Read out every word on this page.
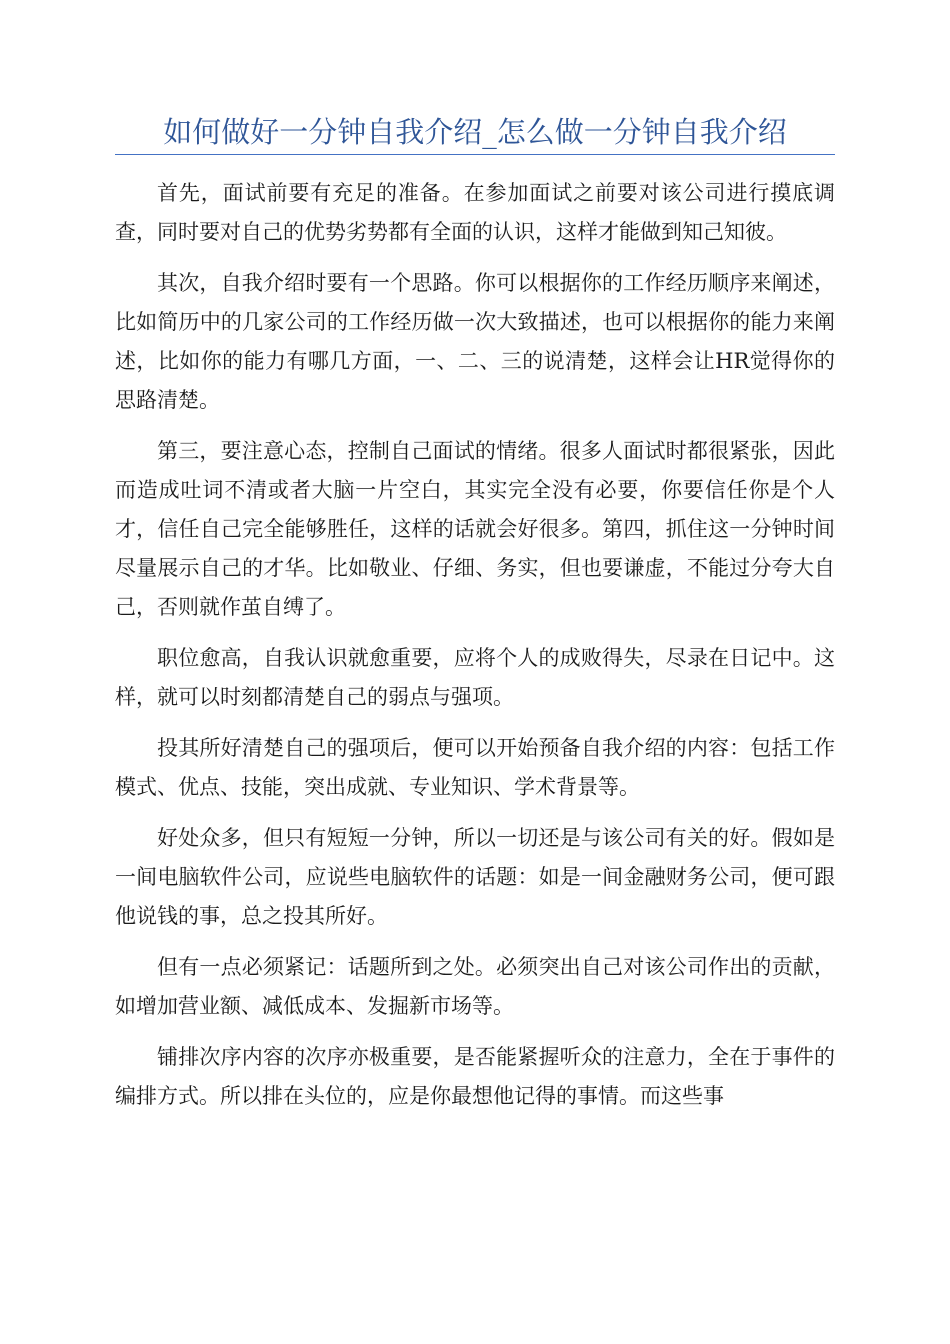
如何做好一分钟自我介绍_怎么做一分钟自我介绍

首先，面试前要有充足的准备。在参加面试之前要对该公司进行摸底调查，同时要对自己的优势劣势都有全面的认识，这样才能做到知己知彼。

其次，自我介绍时要有一个思路。你可以根据你的工作经历顺序来阐述，比如简历中的几家公司的工作经历做一次大致描述，也可以根据你的能力来阐述，比如你的能力有哪几方面，一、二、三的说清楚，这样会让HR觉得你的思路清楚。

第三，要注意心态，控制自己面试的情绪。很多人面试时都很紧张，因此而造成吐词不清或者大脑一片空白，其实完全没有必要，你要信任你是个人才，信任自己完全能够胜任，这样的话就会好很多。第四，抓住这一分钟时间尽量展示自己的才华。比如敬业、仔细、务实，但也要谦虚，不能过分夸大自己，否则就作茧自缚了。

职位愈高，自我认识就愈重要，应将个人的成败得失，尽录在日记中。这样，就可以时刻都清楚自己的弱点与强项。

投其所好清楚自己的强项后，便可以开始预备自我介绍的内容：包括工作模式、优点、技能，突出成就、专业知识、学术背景等。

好处众多，但只有短短一分钟，所以一切还是与该公司有关的好。假如是一间电脑软件公司，应说些电脑软件的话题：如是一间金融财务公司，便可跟他说钱的事，总之投其所好。

但有一点必须紧记：话题所到之处。必须突出自己对该公司作出的贡献，如增加营业额、减低成本、发掘新市场等。

铺排次序内容的次序亦极重要，是否能紧握听众的注意力，全在于事件的编排方式。所以排在头位的，应是你最想他记得的事情。而这些事
